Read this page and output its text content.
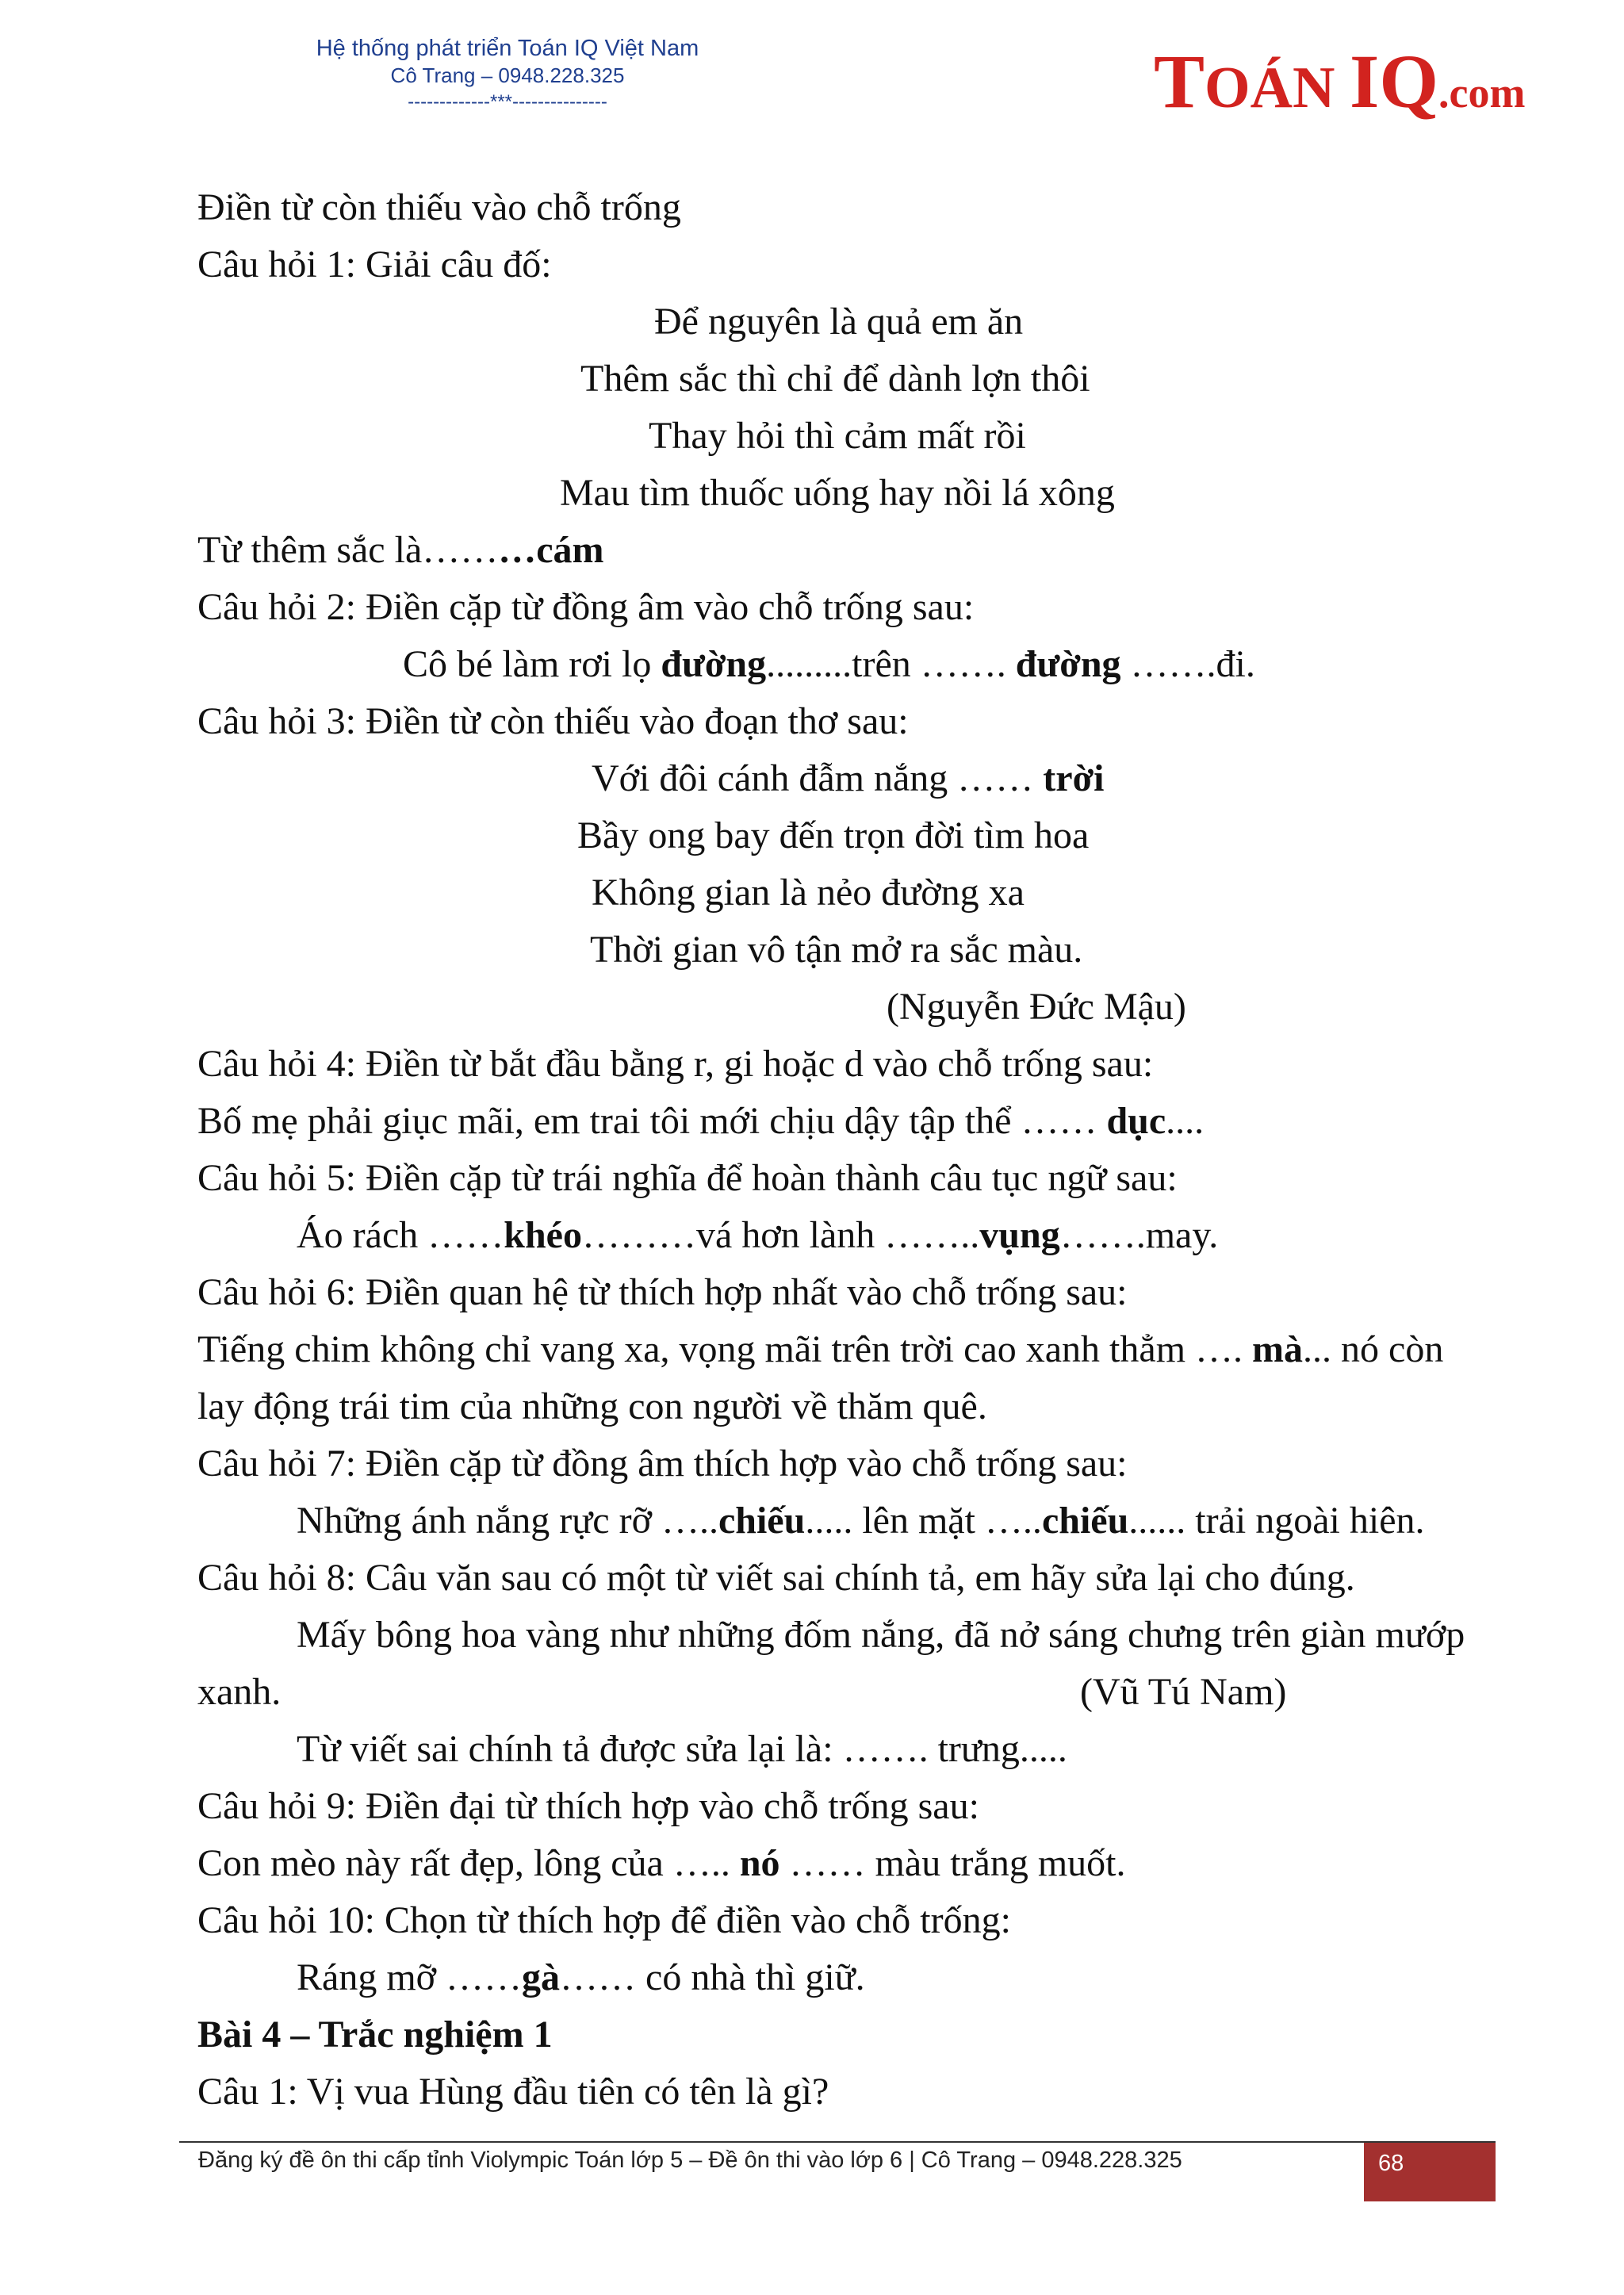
Hệ thống phát triển Toán IQ Việt Nam
Cô Trang – 0948.228.325
-------------***---------------	TOÁN IQ.com
Điền từ còn thiếu vào chỗ trống
Câu hỏi 1: Giải câu đố:
Để nguyên là quả em ăn
Thêm sắc thì chỉ để dành lợn thôi
Thay hỏi thì cảm mất rồi
Mau tìm thuốc uống hay nồi lá xông
Từ thêm sắc là………cám
Câu hỏi 2: Điền cặp từ đồng âm vào chỗ trống sau:
Cô bé làm rơi lọ đường.........trên ……. đường …….đi.
Câu hỏi 3: Điền từ còn thiếu vào đoạn thơ sau:
Với đôi cánh đẫm nắng …… trời
Bầy ong bay đến trọn đời tìm hoa
Không gian là nẻo đường xa
Thời gian vô tận mở ra sắc màu.
(Nguyễn Đức Mậu)
Câu hỏi 4: Điền từ bắt đầu bằng r, gi hoặc d vào chỗ trống sau:
Bố mẹ phải giục mãi, em trai tôi mới chịu dậy tập thể …… dục....
Câu hỏi 5: Điền cặp từ trái nghĩa để hoàn thành câu tục ngữ sau:
Áo rách ……khéo………vá hơn lành ……..vụng…….may.
Câu hỏi 6: Điền quan hệ từ thích hợp nhất vào chỗ trống sau:
Tiếng chim không chỉ vang xa, vọng mãi trên trời cao xanh thẳm …. mà... nó còn
lay động trái tim của những con người về thăm quê.
Câu hỏi 7: Điền cặp từ đồng âm thích hợp vào chỗ trống sau:
Những ánh nắng rực rỡ …..chiếu..... lên mặt …..chiếu...... trải ngoài hiên.
Câu hỏi 8: Câu văn sau có một từ viết sai chính tả, em hãy sửa lại cho đúng.
Mấy bông hoa vàng như những đốm nắng, đã nở sáng chưng trên giàn mướp
xanh.	(Vũ Tú Nam)
Từ viết sai chính tả được sửa lại là: ……. trưng.....
Câu hỏi 9: Điền đại từ thích hợp vào chỗ trống sau:
Con mèo này rất đẹp, lông của ….. nó …… màu trắng muốt.
Câu hỏi 10: Chọn từ thích hợp để điền vào chỗ trống:
Ráng mỡ ……gà…… có nhà thì giữ.
Bài 4 – Trắc nghiệm 1
Câu 1: Vị vua Hùng đầu tiên có tên là gì?
Đăng ký đề ôn thi cấp tỉnh Violympic Toán lớp 5 – Đề ôn thi vào lớp 6 | Cô Trang – 0948.228.325	68
